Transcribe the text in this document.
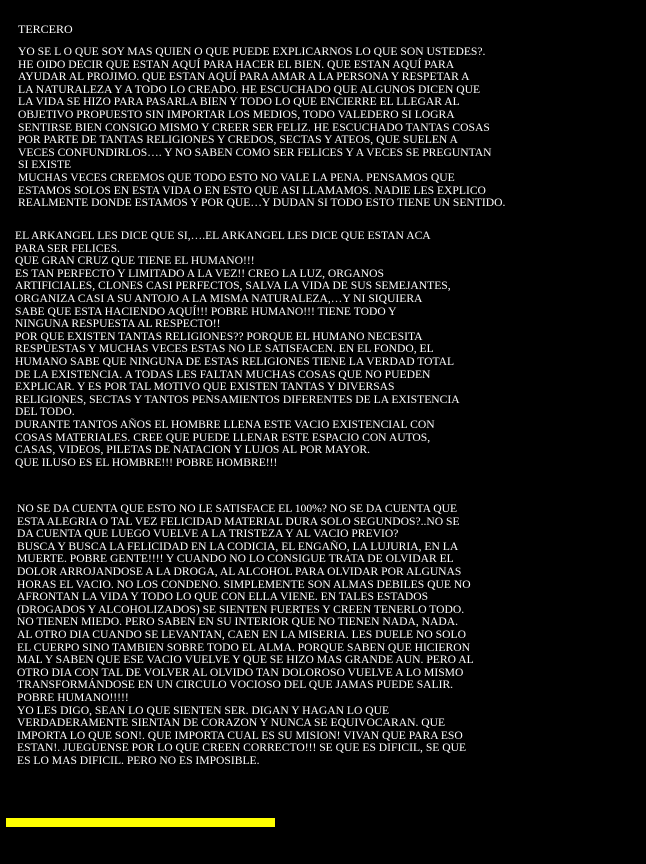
TERCERO
YO SE L O QUE SOY MAS QUIEN O QUE PUEDE EXPLICARNOS LO QUE SON USTEDES?.
HE OIDO DECIR QUE ESTAN AQUÍ PARA HACER EL BIEN. QUE ESTAN AQUÍ PARA
AYUDAR AL PROJIMO. QUE ESTAN AQUÍ PARA AMAR A LA PERSONA Y RESPETAR A
LA NATURALEZA Y A TODO LO CREADO. HE ESCUCHADO QUE ALGUNOS DICEN QUE
LA VIDA SE HIZO PARA PASARLA BIEN Y TODO LO QUE ENCIERRE EL LLEGAR AL
OBJETIVO PROPUESTO SIN IMPORTAR LOS MEDIOS, TODO VALEDERO SI LOGRA
SENTIRSE BIEN CONSIGO MISMO Y CREER SER FELIZ. HE ESCUCHADO TANTAS COSAS
POR PARTE DE TANTAS RELIGIONES Y CREDOS, SECTAS Y ATEOS, QUE SUELEN A
VECES CONFUNDIRLOS…. Y NO SABEN COMO SER FELICES Y A VECES SE PREGUNTAN
SI EXISTE
MUCHAS VECES CREEMOS QUE TODO ESTO NO VALE LA PENA. PENSAMOS QUE
ESTAMOS SOLOS EN ESTA VIDA O EN ESTO QUE ASI LLAMAMOS. NADIE LES EXPLICO
REALMENTE DONDE ESTAMOS Y POR QUE…Y DUDAN SI TODO ESTO TIENE UN SENTIDO.
EL ARKANGEL LES DICE QUE SI,….EL ARKANGEL LES DICE QUE ESTAN ACA
PARA SER FELICES.
QUE GRAN CRUZ QUE TIENE EL HUMANO!!!
ES TAN PERFECTO Y LIMITADO A LA VEZ!! CREO LA LUZ, ORGANOS
ARTIFICIALES, CLONES CASI PERFECTOS, SALVA LA VIDA DE SUS SEMEJANTES,
ORGANIZA CASI A SU ANTOJO A LA MISMA NATURALEZA,…Y NI SIQUIERA
SABE QUE ESTA HACIENDO AQUÍ!!! POBRE HUMANO!!! TIENE TODO Y
NINGUNA RESPUESTA AL RESPECTO!!
POR QUE EXISTEN TANTAS RELIGIONES?? PORQUE EL HUMANO NECESITA
RESPUESTAS Y MUCHAS VECES ESTAS NO LE SATISFACEN. EN EL FONDO, EL
HUMANO SABE QUE NINGUNA DE ESTAS RELIGIONES TIENE LA VERDAD TOTAL
DE LA EXISTENCIA. A TODAS LES FALTAN MUCHAS COSAS QUE NO PUEDEN
EXPLICAR. Y ES POR TAL MOTIVO QUE EXISTEN TANTAS Y DIVERSAS
RELIGIONES, SECTAS Y TANTOS PENSAMIENTOS DIFERENTES DE LA EXISTENCIA
DEL TODO.
DURANTE TANTOS AÑOS EL HOMBRE LLENA ESTE VACIO EXISTENCIAL CON
COSAS MATERIALES. CREE QUE PUEDE LLENAR ESTE ESPACIO CON AUTOS,
CASAS, VIDEOS, PILETAS DE NATACION Y LUJOS AL POR MAYOR.
QUE ILUSO ES EL HOMBRE!!! POBRE HOMBRE!!!
NO SE DA CUENTA QUE ESTO NO LE SATISFACE EL 100%? NO SE DA CUENTA QUE
ESTA ALEGRIA O TAL VEZ FELICIDAD MATERIAL DURA SOLO SEGUNDOS?..NO SE
DA CUENTA QUE LUEGO VUELVE A LA TRISTEZA Y AL VACIO PREVIO?
BUSCA Y BUSCA LA FELICIDAD EN LA CODICIA, EL ENGAÑO, LA LUJURIA, EN LA
MUERTE. POBRE GENTE!!!! Y CUANDO NO LO CONSIGUE TRATA DE OLVIDAR EL
DOLOR ARROJANDOSE A LA DROGA, AL ALCOHOL PARA OLVIDAR POR ALGUNAS
HORAS EL VACIO. NO LOS CONDENO. SIMPLEMENTE SON ALMAS DEBILES QUE NO
AFRONTAN LA VIDA Y TODO LO QUE CON ELLA VIENE. EN TALES ESTADOS
(DROGADOS Y ALCOHOLIZADOS) SE SIENTEN FUERTES Y CREEN TENERLO TODO.
NO TIENEN MIEDO. PERO SABEN EN SU INTERIOR QUE NO TIENEN NADA, NADA.
AL OTRO DIA CUANDO SE LEVANTAN, CAEN EN LA MISERIA. LES DUELE NO SOLO
EL CUERPO SINO TAMBIEN SOBRE TODO EL ALMA. PORQUE SABEN QUE HICIERON
MAL Y SABEN QUE ESE VACIO VUELVE Y QUE SE HIZO MAS GRANDE AUN. PERO AL
OTRO DIA CON TAL DE VOLVER AL OLVIDO TAN DOLOROSO VUELVE A LO MISMO
TRANSFORMÁNDOSE EN UN CIRCULO VOCIOSO DEL QUE JAMAS PUEDE SALIR.
POBRE HUMANO!!!!!
YO LES DIGO, SEAN LO QUE SIENTEN SER. DIGAN Y HAGAN LO QUE
VERDADERAMENTE SIENTAN DE CORAZON Y NUNCA SE EQUIVOCARAN. QUE
IMPORTA LO QUE SON!. QUE IMPORTA CUAL ES SU MISION! VIVAN QUE PARA ESO
ESTAN!. JUEGUENSE POR LO QUE CREEN CORRECTO!!! SE QUE ES DIFICIL, SE QUE
ES LO MAS DIFICIL. PERO NO ES IMPOSIBLE.
